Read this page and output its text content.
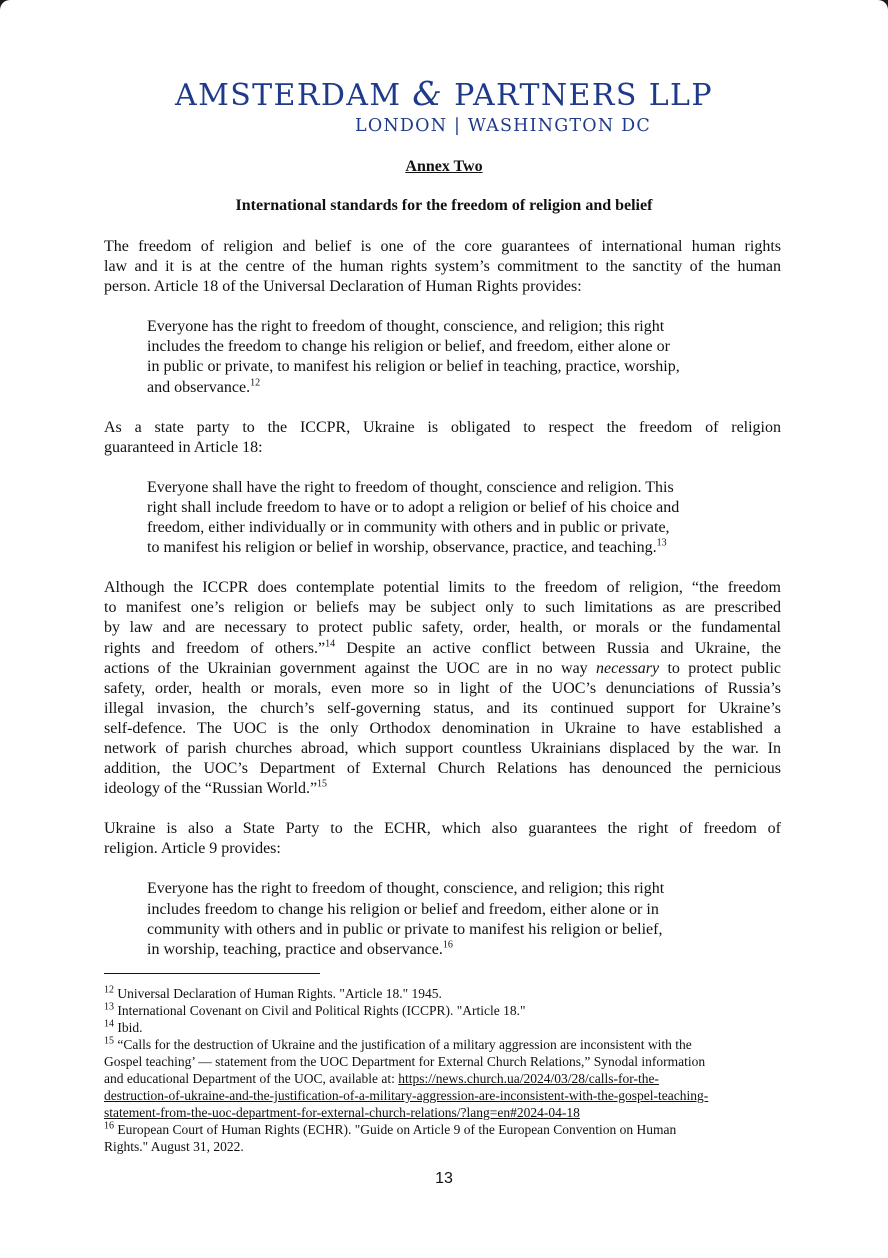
AMSTERDAM & PARTNERS LLP
LONDON | WASHINGTON DC
Annex Two
International standards for the freedom of religion and belief

The freedom of religion and belief is one of the core guarantees of international human rights
law and it is at the centre of the human rights system’s commitment to the sanctity of the human
person. Article 18 of the Universal Declaration of Human Rights provides:

Everyone has the right to freedom of thought, conscience, and religion; this right
includes the freedom to change his religion or belief, and freedom, either alone or
in public or private, to manifest his religion or belief in teaching, practice, worship,
and observance.$^{12}$

As a state party to the ICCPR, Ukraine is obligated to respect the freedom of religion
guaranteed in Article 18:

Everyone shall have the right to freedom of thought, conscience and religion. This
right shall include freedom to have or to adopt a religion or belief of his choice and
freedom, either individually or in community with others and in public or private,
to manifest his religion or belief in worship, observance, practice, and teaching.$^{13}$

Although the ICCPR does contemplate potential limits to the freedom of religion, “the freedom
to manifest one’s religion or beliefs may be subject only to such limitations as are prescribed
by law and are necessary to protect public safety, order, health, or morals or the fundamental
rights and freedom of others.”$^{14}$ Despite an active conflict between Russia and Ukraine, the
actions of the Ukrainian government against the UOC are in no way necessary to protect public
safety, order, health or morals, even more so in light of the UOC’s denunciations of Russia’s
illegal invasion, the church’s self-governing status, and its continued support for Ukraine’s
self-defence. The UOC is the only Orthodox denomination in Ukraine to have established a
network of parish churches abroad, which support countless Ukrainians displaced by the war. In
addition, the UOC’s Department of External Church Relations has denounced the pernicious
ideology of the “Russian World.”$^{15}$

Ukraine is also a State Party to the ECHR, which also guarantees the right of freedom of
religion. Article 9 provides:

Everyone has the right to freedom of thought, conscience, and religion; this right
includes freedom to change his religion or belief and freedom, either alone or in
community with others and in public or private to manifest his religion or belief,
in worship, teaching, practice and observance.$^{16}$

$^{12}$ Universal Declaration of Human Rights. "Article 18." 1945.

$^{13}$ International Covenant on Civil and Political Rights (ICCPR). "Article 18."

$^{14}$ Ibid.

$^{15}$ “Calls for the destruction of Ukraine and the justification of a military aggression are inconsistent with the
Gospel teaching’ — statement from the UOC Department for External Church Relations,” Synodal information
and educational Department of the UOC, available at: https://news.church.ua/2024/03/28/calls-for-the-
destruction-of-ukraine-and-the-justification-of-a-military-aggression-are-inconsistent-with-the-gospel-teaching-
statement-from-the-uoc-department-for-external-church-relations/?lang=en#2024-04-18

$^{16}$ European Court of Human Rights (ECHR). "Guide on Article 9 of the European Convention on Human
Rights." August 31, 2022.

13
